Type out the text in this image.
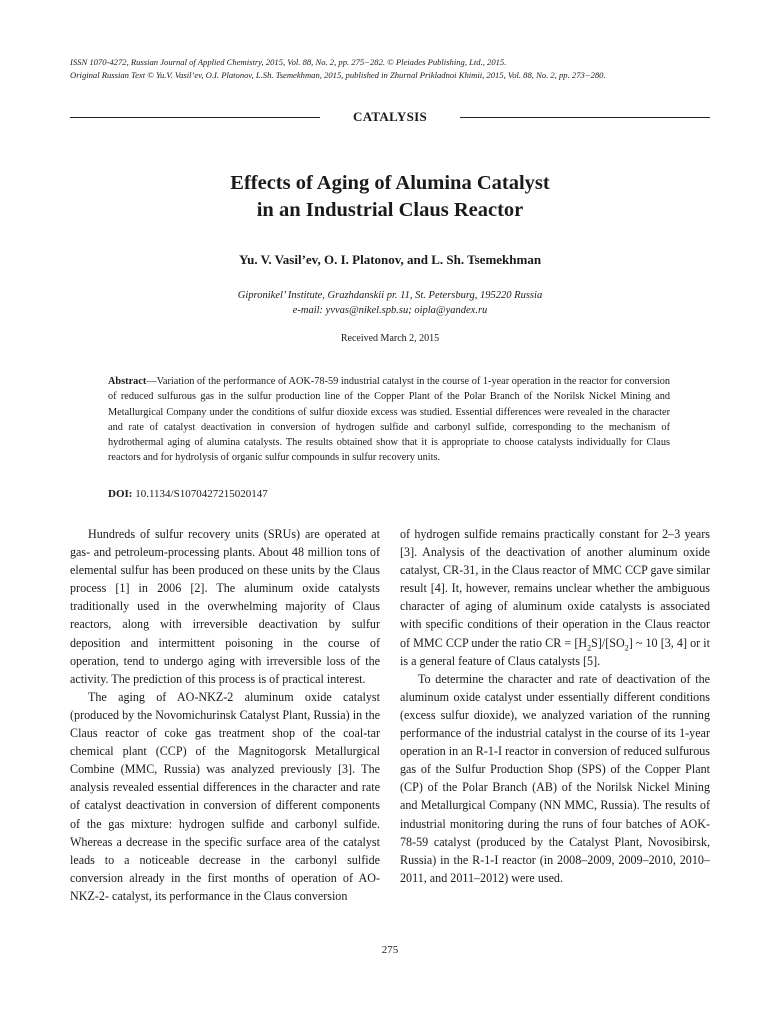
ISSN 1070-4272, Russian Journal of Applied Chemistry, 2015, Vol. 88, No. 2, pp. 275−282. © Pleiades Publishing, Ltd., 2015.
Original Russian Text © Yu.V. Vasil’ev, O.I. Platonov, L.Sh. Tsemekhman, 2015, published in Zhurnal Prikladnoi Khimii, 2015, Vol. 88, No. 2, pp. 273−280.
CATALYSIS
Effects of Aging of Alumina Catalyst
in an Industrial Claus Reactor
Yu. V. Vasil’ev, O. I. Platonov, and L. Sh. Tsemekhman
Gipronikel’ Institute, Grazhdanskii pr. 11, St. Petersburg, 195220 Russia
e-mail: yvvas@nikel.spb.su; oipla@yandex.ru
Received March 2, 2015
Abstract—Variation of the performance of AOK-78-59 industrial catalyst in the course of 1-year operation in the reactor for conversion of reduced sulfurous gas in the sulfur production line of the Copper Plant of the Polar Branch of the Norilsk Nickel Mining and Metallurgical Company under the conditions of sulfur dioxide excess was studied. Essential differences were revealed in the character and rate of catalyst deactivation in conversion of hydrogen sulfide and carbonyl sulfide, corresponding to the mechanism of hydrothermal aging of alumina catalysts. The results obtained show that it is appropriate to choose catalysts individually for Claus reactors and for hydrolysis of organic sulfur compounds in sulfur recovery units.
DOI: 10.1134/S1070427215020147

Hundreds of sulfur recovery units (SRUs) are operated at gas- and petroleum-processing plants. About 48 million tons of elemental sulfur has been produced on these units by the Claus process [1] in 2006 [2]. The aluminum oxide catalysts traditionally used in the overwhelming majority of Claus reactors, along with irreversible deactivation by sulfur deposition and intermittent poisoning in the course of operation, tend to undergo aging with irreversible loss of the activity. The prediction of this process is of practical interest.

The aging of AO-NKZ-2 aluminum oxide catalyst (produced by the Novomichurinsk Catalyst Plant, Russia) in the Claus reactor of coke gas treatment shop of the coal-tar chemical plant (CCP) of the Magnitogorsk Metallurgical Combine (MMC, Russia) was analyzed previously [3]. The analysis revealed essential differences in the character and rate of catalyst deactivation in conversion of different components of the gas mixture: hydrogen sulfide and carbonyl sulfide. Whereas a decrease in the specific surface area of the catalyst leads to a noticeable decrease in the carbonyl sulfide conversion already in the first months of operation of AO-NKZ-2- catalyst, its performance in the Claus conversion

of hydrogen sulfide remains practically constant for 2–3 years [3]. Analysis of the deactivation of another aluminum oxide catalyst, CR-31, in the Claus reactor of MMC CCP gave similar result [4]. It, however, remains unclear whether the ambiguous character of aging of aluminum oxide catalysts is associated with specific conditions of their operation in the Claus reactor of MMC CCP under the ratio CR = $[H_2S]/[SO_2]$ ~ 10 [3, 4] or it is a general feature of Claus catalysts [5].

To determine the character and rate of deactivation of the aluminum oxide catalyst under essentially different conditions (excess sulfur dioxide), we analyzed variation of the running performance of the industrial catalyst in the course of its 1-year operation in an R-1-I reactor in conversion of reduced sulfurous gas of the Sulfur Production Shop (SPS) of the Copper Plant (CP) of the Polar Branch (AB) of the Norilsk Nickel Mining and Metallurgical Company (NN MMC, Russia). The results of industrial monitoring during the runs of four batches of AOK-78-59 catalyst (produced by the Catalyst Plant, Novosibirsk, Russia) in the R-1-I reactor (in 2008–2009, 2009–2010, 2010–2011, and 2011–2012) were used.

275
